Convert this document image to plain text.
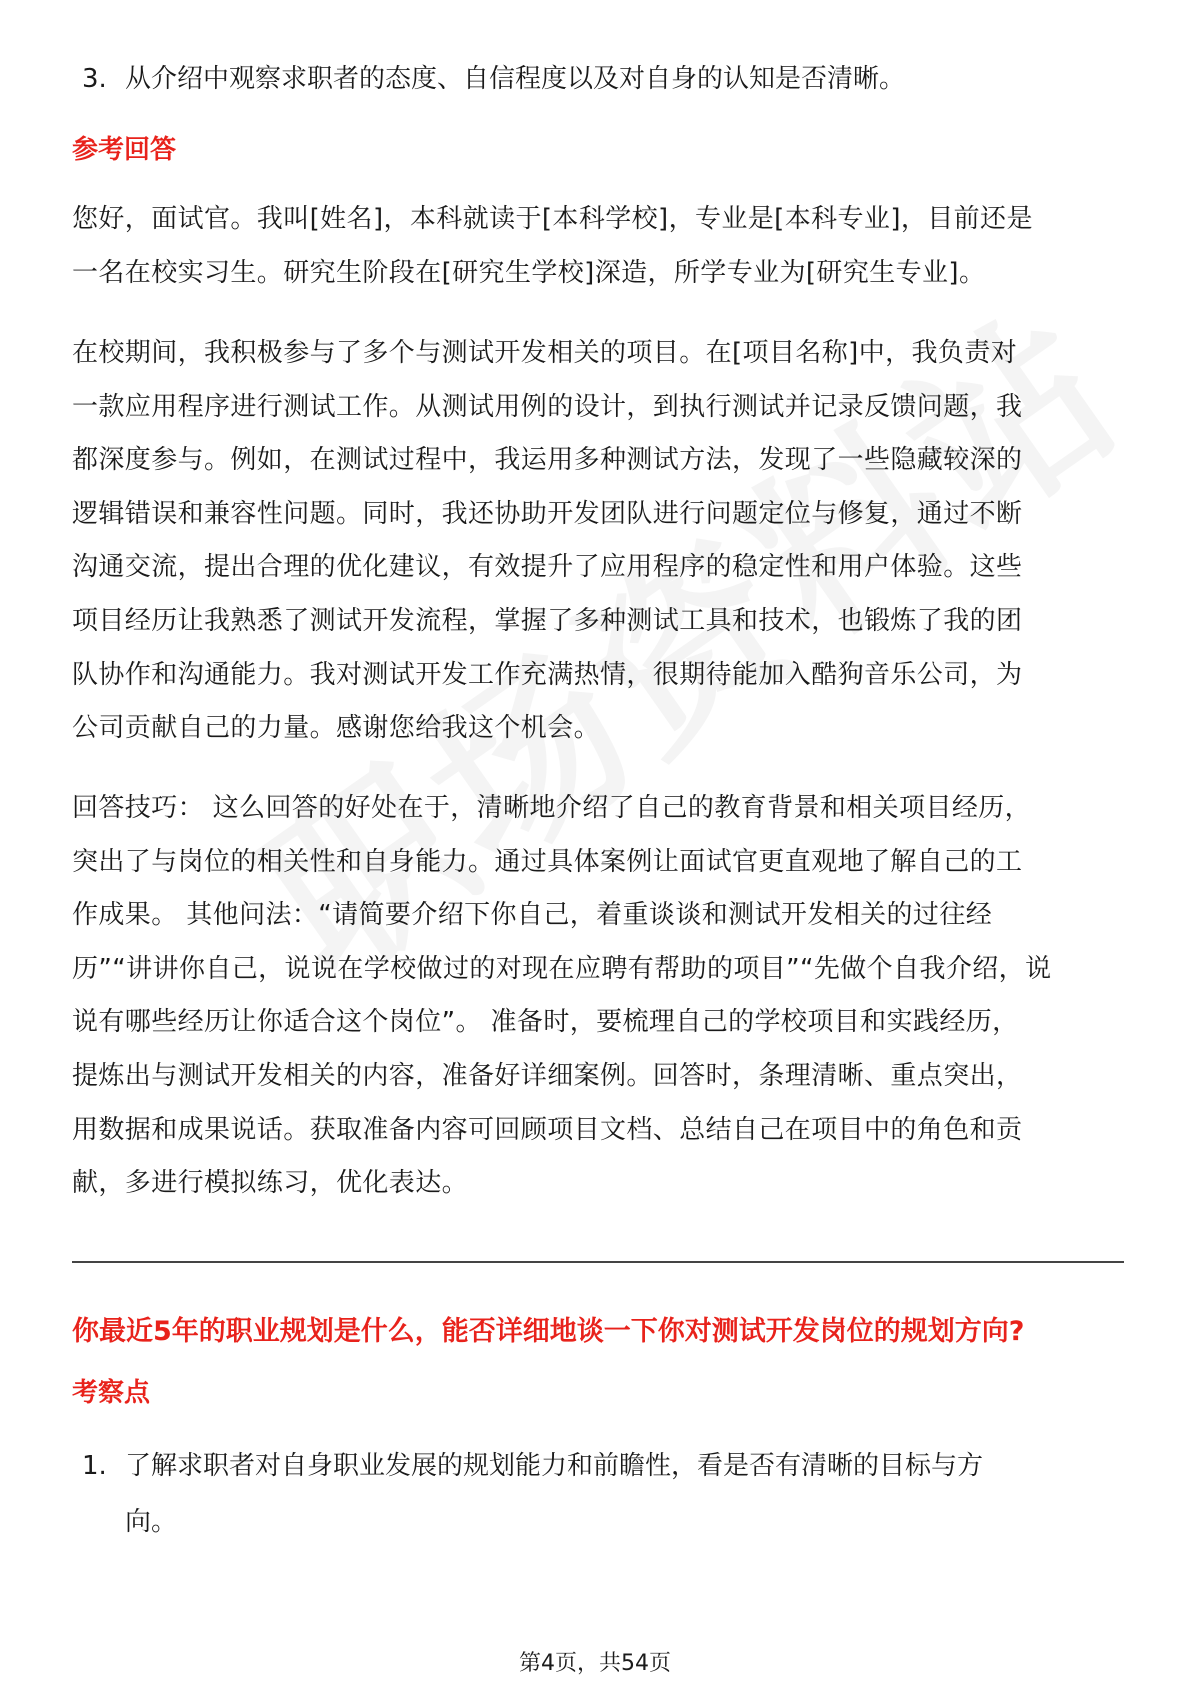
3. 从介绍中观察求职者的态度、自信程度以及对自身的认知是否清晰。
参考回答
您好，面试官。我叫[姓名]，本科就读于[本科学校]，专业是[本科专业]，目前还是
一名在校实习生。研究生阶段在[研究生学校]深造，所学专业为[研究生专业]。
在校期间，我积极参与了多个与测试开发相关的项目。在[项目名称]中，我负责对
一款应用程序进行测试工作。从测试用例的设计，到执行测试并记录反馈问题，我
都深度参与。例如，在测试过程中，我运用多种测试方法，发现了一些隐藏较深的
逻辑错误和兼容性问题。同时，我还协助开发团队进行问题定位与修复，通过不断
沟通交流，提出合理的优化建议，有效提升了应用程序的稳定性和用户体验。这些
项目经历让我熟悉了测试开发流程，掌握了多种测试工具和技术，也锻炼了我的团
队协作和沟通能力。我对测试开发工作充满热情，很期待能加入酷狗音乐公司，为
公司贡献自己的力量。感谢您给我这个机会。
回答技巧： 这么回答的好处在于，清晰地介绍了自己的教育背景和相关项目经历，
突出了与岗位的相关性和自身能力。通过具体案例让面试官更直观地了解自己的工
作成果。 其他问法：“请简要介绍下你自己，着重谈谈和测试开发相关的过往经
历”“讲讲你自己，说说在学校做过的对现在应聘有帮助的项目”“先做个自我介绍，说
说有哪些经历让你适合这个岗位”。 准备时，要梳理自己的学校项目和实践经历，
提炼出与测试开发相关的内容，准备好详细案例。回答时，条理清晰、重点突出，
用数据和成果说话。获取准备内容可回顾项目文档、总结自己在项目中的角色和贡
献，多进行模拟练习，优化表达。
你最近5年的职业规划是什么，能否详细地谈一下你对测试开发岗位的规划方向?
考察点
1. 了解求职者对自身职业发展的规划能力和前瞻性，看是否有清晰的目标与方
向。
第4页，共54页
